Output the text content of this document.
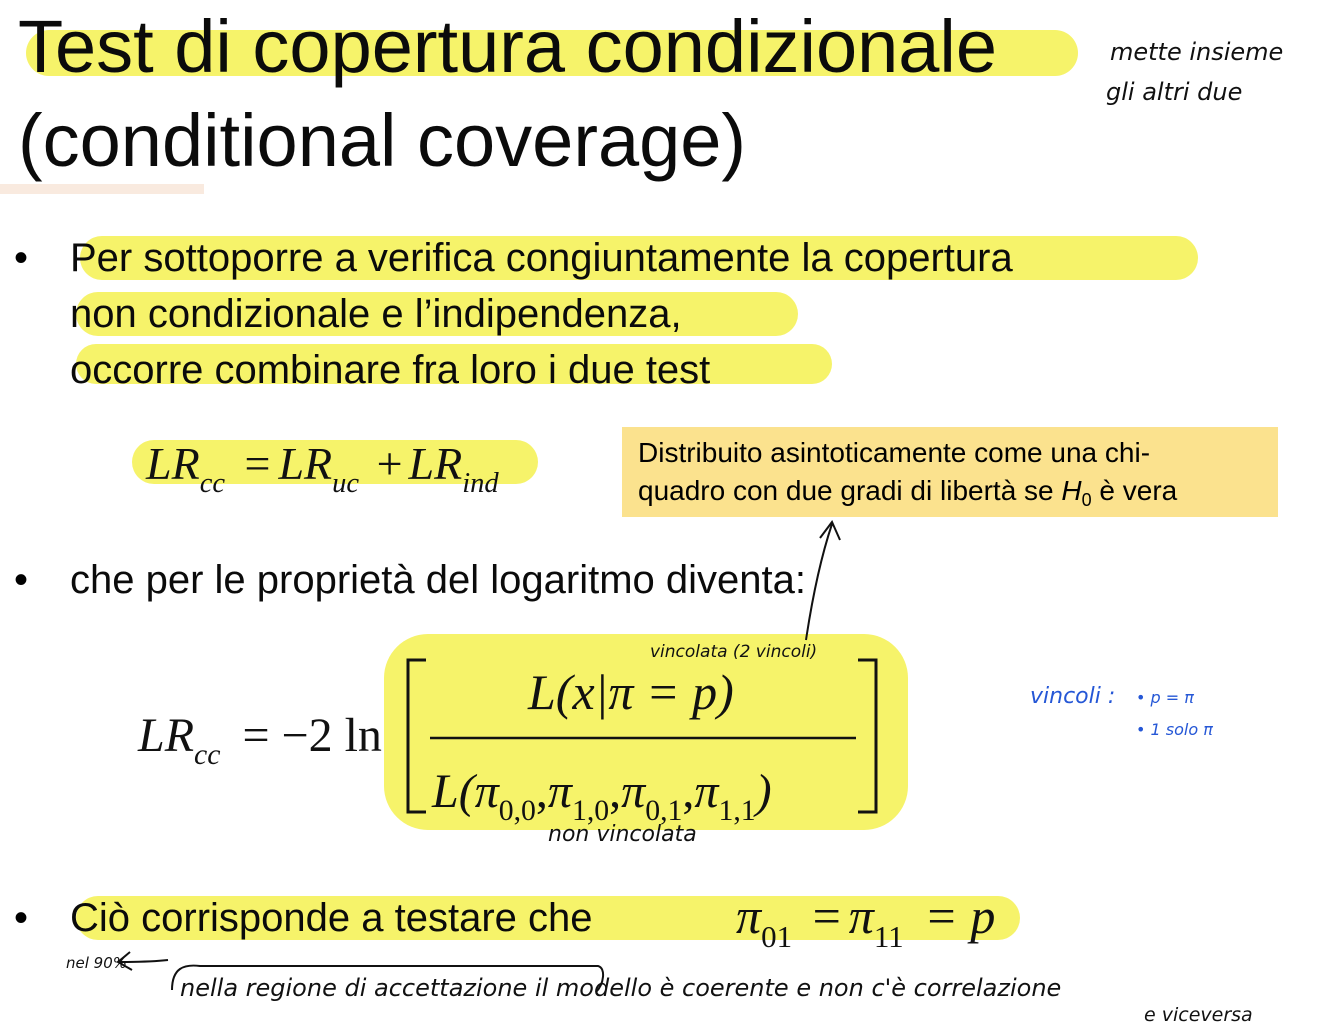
Test di copertura condizionale
(conditional coverage)
mette insieme
gli altri due
• Per sottoporre a verifica congiuntamente la copertura
non condizionale e l’indipendenza,
occorre combinare fra loro i due test
$LR_{cc} = LR_{uc} + LR_{ind}$
Distribuito asintoticamente come una chi-
quadro con due gradi di libertà se $H_0$ è vera
• che per le proprietà del logaritmo diventa:
$LR_{cc} = -2$ ln
L(x|π = p)
$L(\pi_{0,0},\pi_{1,0},\pi_{0,1},\pi_{1,1})$
vincolata (2 vincoli)
non vincolata
vincoli : • p = π
• 1 solo π
• Ciò corrisponde a testare che	$\pi_{01} = \pi_{11} = p$
nel 90%
nella regione di accettazione il modello è coerente e non c'è correlazione
e viceversa
